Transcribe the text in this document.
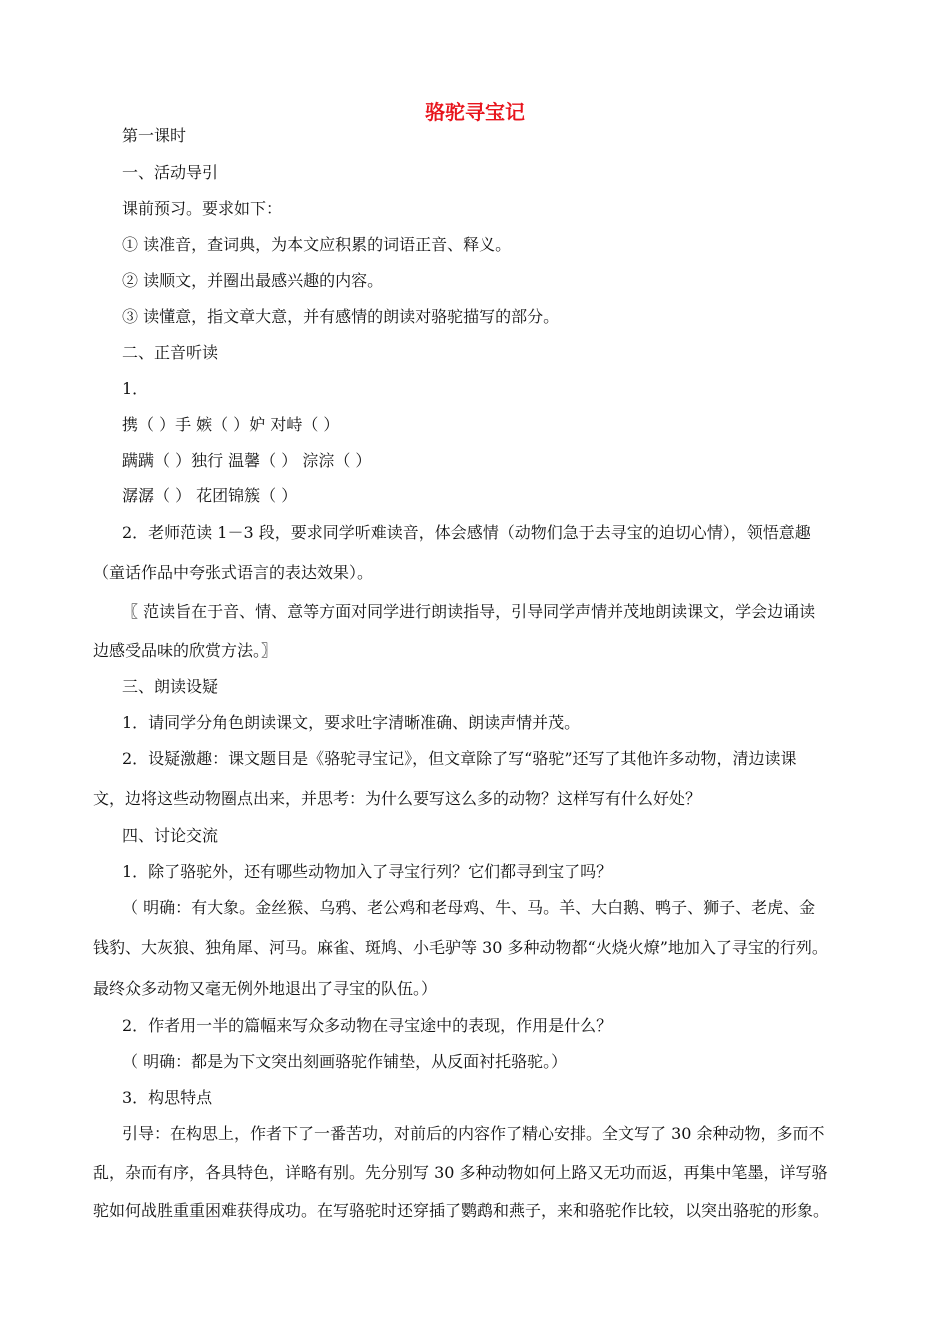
骆驼寻宝记
第一课时
一、活动导引
课前预习。要求如下：
① 读准音，查词典，为本文应积累的词语正音、释义。
② 读顺文，并圈出最感兴趣的内容。
③ 读懂意，指文章大意，并有感情的朗读对骆驼描写的部分。
二、正音听读
1．
携（ ）手 嫉（ ）妒 对峙（ ）
蹒蹒（ ）独行 温馨（ ） 淙淙（ ）
潺潺（ ） 花团锦簇（ ）
2．老师范读 1－3 段，要求同学听难读音，体会感情（动物们急于去寻宝的迫切心情），领悟意趣
（童话作品中夸张式语言的表达效果）。
〖 范读旨在于音、情、意等方面对同学进行朗读指导，引导同学声情并茂地朗读课文，学会边诵读
边感受品味的欣赏方法。〗
三、朗读设疑
1．请同学分角色朗读课文，要求吐字清晰准确、朗读声情并茂。
2．设疑激趣：课文题目是《骆驼寻宝记》，但文章除了写“骆驼”还写了其他许多动物，清边读课
文，边将这些动物圈点出来，并思考：为什么要写这么多的动物？这样写有什么好处？
四、讨论交流
1．除了骆驼外，还有哪些动物加入了寻宝行列？它们都寻到宝了吗？
（ 明确：有大象。金丝猴、乌鸦、老公鸡和老母鸡、牛、马。羊、大白鹅、鸭子、狮子、老虎、金
钱豹、大灰狼、独角犀、河马。麻雀、斑鸠、小毛驴等 30 多种动物都“火烧火燎”地加入了寻宝的行列。
最终众多动物又毫无例外地退出了寻宝的队伍。）
2．作者用一半的篇幅来写众多动物在寻宝途中的表现，作用是什么？
（ 明确：都是为下文突出刻画骆驼作铺垫，从反面衬托骆驼。）
3．构思特点
引导：在构思上，作者下了一番苦功，对前后的内容作了精心安排。全文写了 30 余种动物，多而不
乱，杂而有序，各具特色，详略有别。先分别写 30 多种动物如何上路又无功而返，再集中笔墨，详写骆
驼如何战胜重重困难获得成功。在写骆驼时还穿插了鹦鹉和燕子，来和骆驼作比较，以突出骆驼的形象。
